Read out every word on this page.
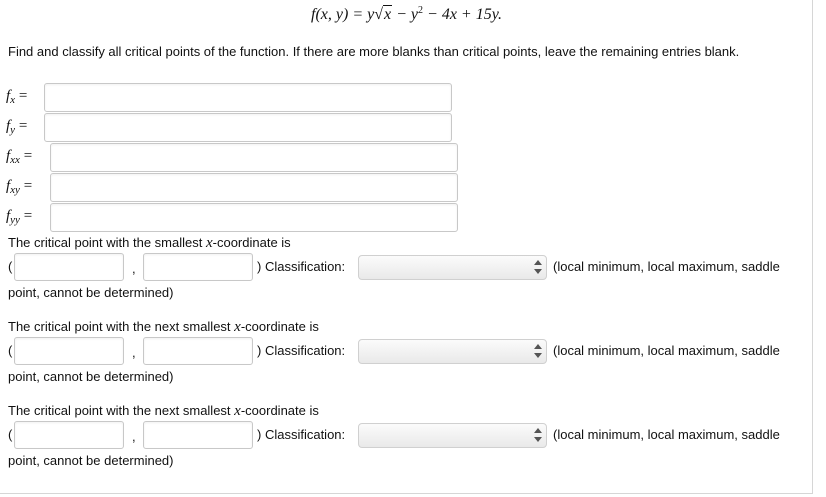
f(x, $y) = y√x - y^2 - 4x + 15y$.
Find and classify all critical points of the function. If there are more blanks than critical points, leave the remaining entries blank.
$f_x$ =
$f_y$ =
$f_{xx}$ =
$f_{xy}$ =
$f_{yy}$ =
The critical point with the smallest x-coordinate is
(	,	) Classification:	(local minimum, local maximum, saddle
point, cannot be determined)
The critical point with the next smallest x-coordinate is
(	,	) Classification:	(local minimum, local maximum, saddle
point, cannot be determined)
The critical point with the next smallest x-coordinate is
(	,	) Classification:	(local minimum, local maximum, saddle
point, cannot be determined)
